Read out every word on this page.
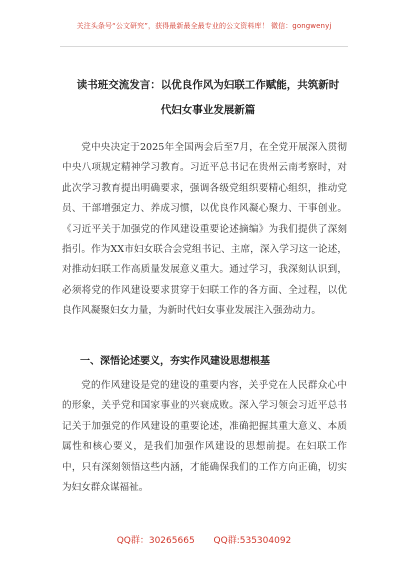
关注头条号“公文研究”，获得最新最全最专业的公文资料库！ 微信：gongwenyj
读书班交流发言：以优良作风为妇联工作赋能，共筑新时
代妇女事业发展新篇
党中央决定于2025年全国两会后至7月，在全党开展深入贯彻中央八项规定精神学习教育。习近平总书记在贵州云南考察时，对此次学习教育提出明确要求，强调各级党组织要精心组织，推动党员、干部增强定力、养成习惯，以优良作风凝心聚力、干事创业。《习近平关于加强党的作风建设重要论述摘编》为我们提供了深刻指引。作为XX市妇女联合会党组书记、主席，深入学习这一论述，对推动妇联工作高质量发展意义重大。通过学习，我深刻认识到，必须将党的作风建设要求贯穿于妇联工作的各方面、全过程，以优良作风凝聚妇女力量，为新时代妇女事业发展注入强劲动力。
一、深悟论述要义，夯实作风建设思想根基
党的作风建设是党的建设的重要内容，关乎党在人民群众心中的形象，关乎党和国家事业的兴衰成败。深入学习领会习近平总书记关于加强党的作风建设的重要论述，准确把握其重大意义、本质属性和核心要义，是我们加强作风建设的思想前提。在妇联工作中，只有深刻领悟这些内涵，才能确保我们的工作方向正确，切实为妇女群众谋福祉。
QQ群：30265665 QQ群:535304092
